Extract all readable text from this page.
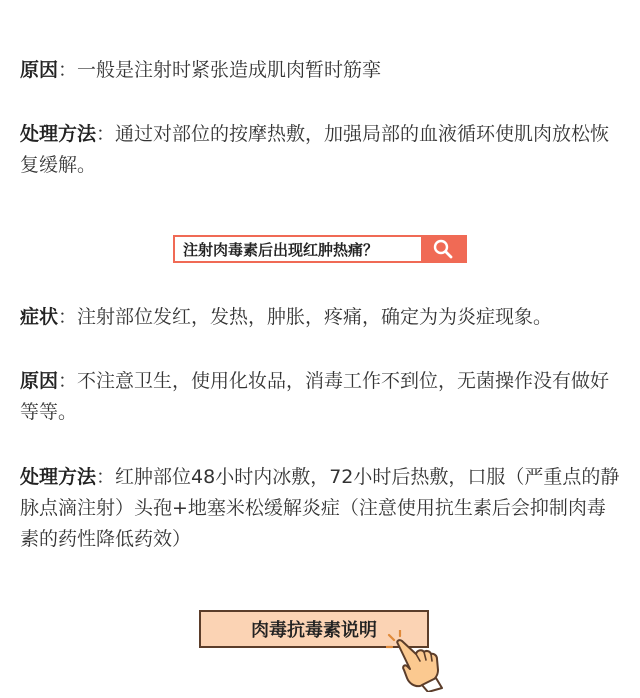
原因：一般是注射时紧张造成肌肉暂时筋挛

处理方法：通过对部位的按摩热敷，加强局部的血液循环使肌肉放松恢复缓解。

注射肉毒素后出现红肿热痛？

症状：注射部位发红，发热，肿胀，疼痛，确定为为炎症现象。

原因：不注意卫生，使用化妆品，消毒工作不到位，无菌操作没有做好等等。

处理方法：红肿部位48小时内冰敷，72小时后热敷，口服（严重点的静脉点滴注射）头孢+地塞米松缓解炎症（注意使用抗生素后会抑制肉毒素的药性降低药效）

肉毒抗毒素说明
